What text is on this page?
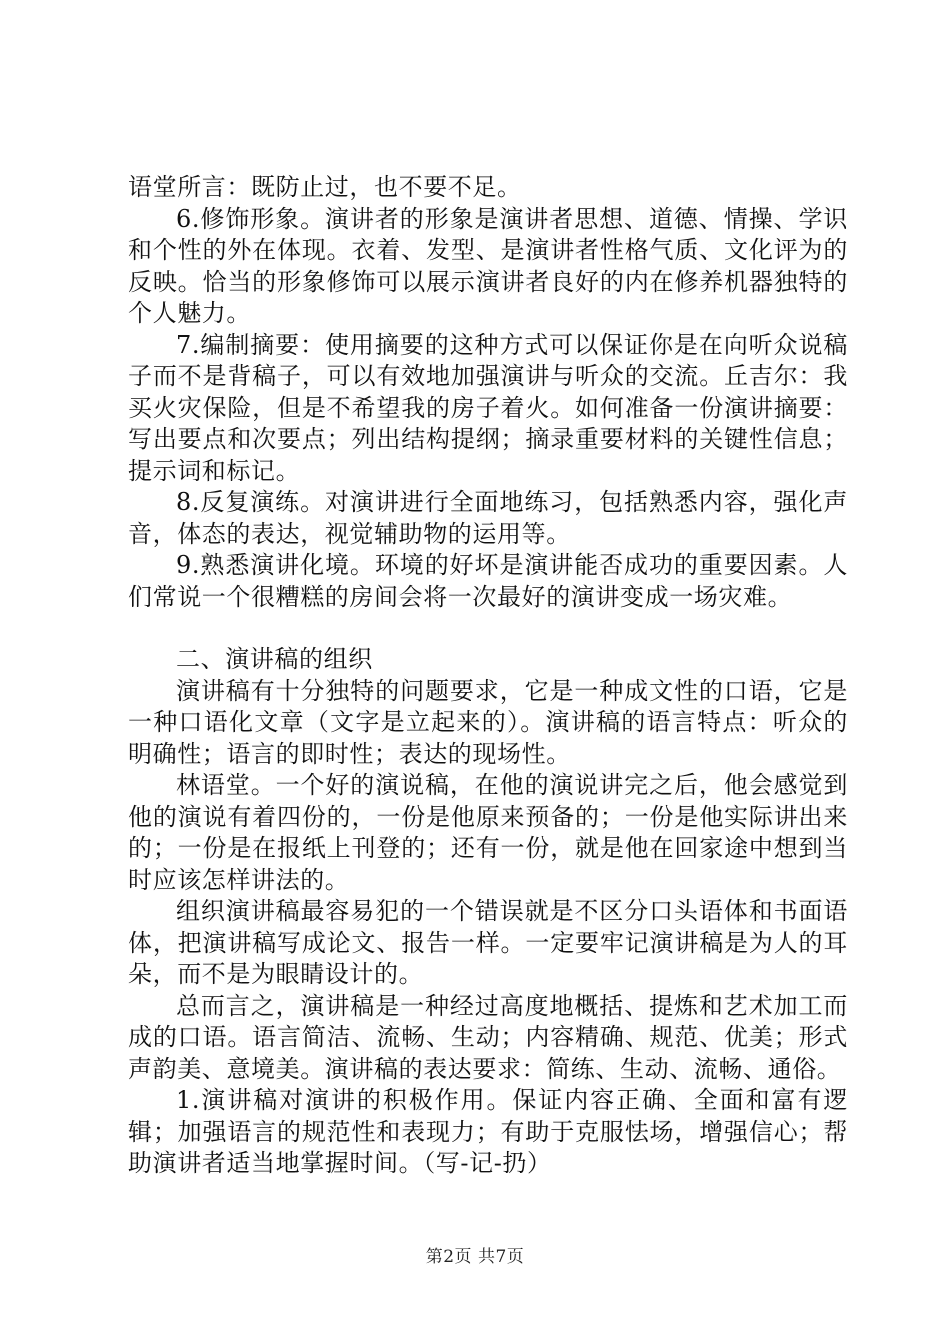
语堂所言：既防止过，也不要不足。

6.修饰形象。演讲者的形象是演讲者思想、道德、情操、学识和个性的外在体现。衣着、发型、是演讲者性格气质、文化评为的反映。恰当的形象修饰可以展示演讲者良好的内在修养机器独特的个人魅力。

7.编制摘要：使用摘要的这种方式可以保证你是在向听众说稿子而不是背稿子，可以有效地加强演讲与听众的交流。丘吉尔：我买火灾保险，但是不希望我的房子着火。如何准备一份演讲摘要：写出要点和次要点；列出结构提纲；摘录重要材料的关键性信息；提示词和标记。

8.反复演练。对演讲进行全面地练习，包括熟悉内容，强化声音，体态的表达，视觉辅助物的运用等。

9.熟悉演讲化境。环境的好坏是演讲能否成功的重要因素。人们常说一个很糟糕的房间会将一次最好的演讲变成一场灾难。

二、演讲稿的组织

演讲稿有十分独特的问题要求，它是一种成文性的口语，它是一种口语化文章（文字是立起来的）。演讲稿的语言特点：听众的明确性；语言的即时性；表达的现场性。

林语堂。一个好的演说稿，在他的演说讲完之后，他会感觉到他的演说有着四份的，一份是他原来预备的；一份是他实际讲出来的；一份是在报纸上刊登的；还有一份，就是他在回家途中想到当时应该怎样讲法的。

组织演讲稿最容易犯的一个错误就是不区分口头语体和书面语体，把演讲稿写成论文、报告一样。一定要牢记演讲稿是为人的耳朵，而不是为眼睛设计的。

总而言之，演讲稿是一种经过高度地概括、提炼和艺术加工而成的口语。语言简洁、流畅、生动；内容精确、规范、优美；形式声韵美、意境美。演讲稿的表达要求：简练、生动、流畅、通俗。

1.演讲稿对演讲的积极作用。保证内容正确、全面和富有逻辑；加强语言的规范性和表现力；有助于克服怯场，增强信心；帮助演讲者适当地掌握时间。（写-记-扔）

第2页 共7页
